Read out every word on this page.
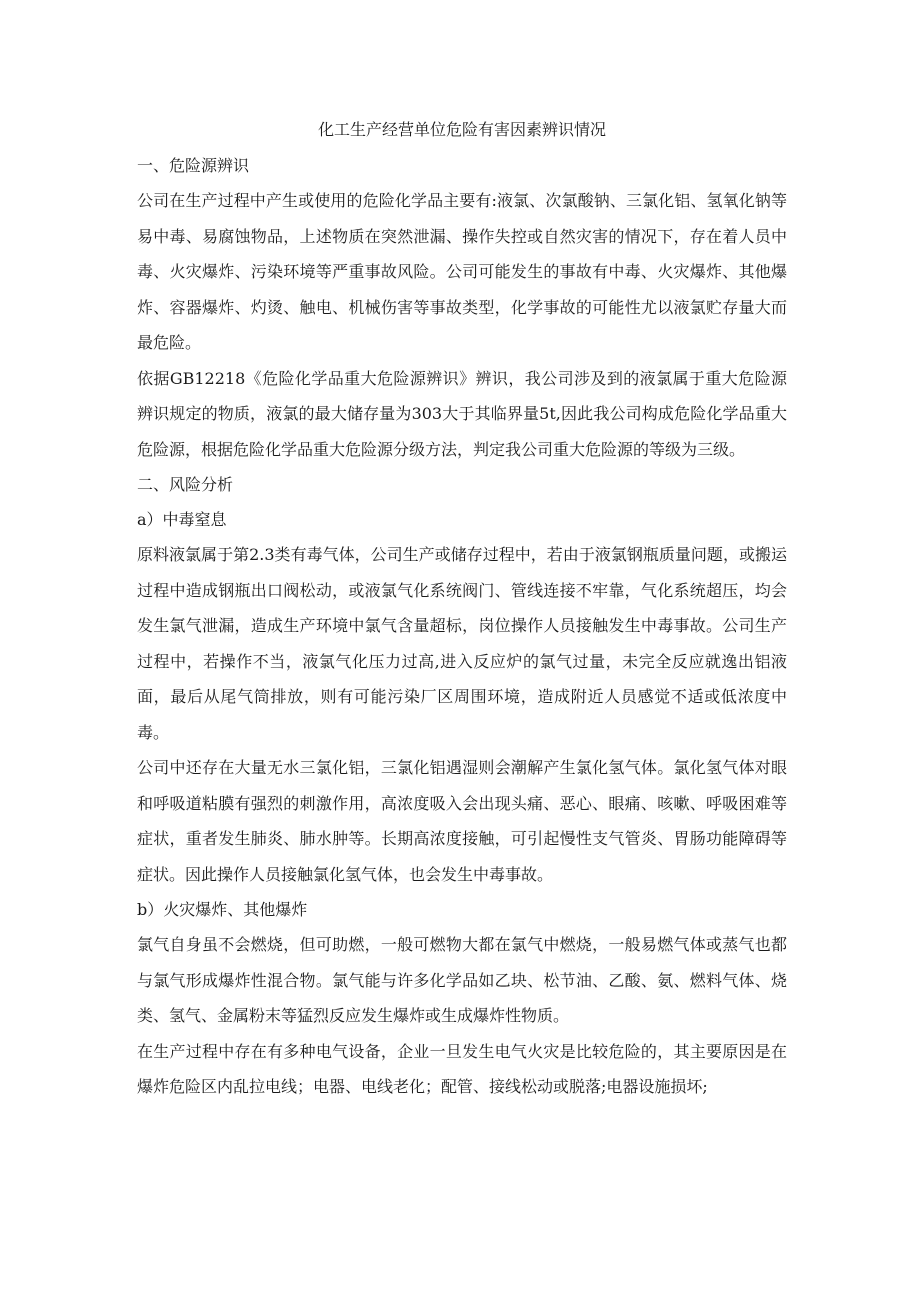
化工生产经营单位危险有害因素辨识情况

一、危险源辨识

公司在生产过程中产生或使用的危险化学品主要有:液氯、次氯酸钠、三氯化铝、氢氧化钠等易中毒、易腐蚀物品，上述物质在突然泄漏、操作失控或自然灾害的情况下，存在着人员中毒、火灾爆炸、污染环境等严重事故风险。公司可能发生的事故有中毒、火灾爆炸、其他爆炸、容器爆炸、灼烫、触电、机械伤害等事故类型，化学事故的可能性尤以液氯贮存量大而最危险。

依据GB12218《危险化学品重大危险源辨识》辨识，我公司涉及到的液氯属于重大危险源辨识规定的物质，液氯的最大储存量为303大于其临界量5t,因此我公司构成危险化学品重大危险源，根据危险化学品重大危险源分级方法，判定我公司重大危险源的等级为三级。

二、风险分析

a）中毒窒息

原料液氯属于第2.3类有毒气体，公司生产或储存过程中，若由于液氯钢瓶质量问题，或搬运过程中造成钢瓶出口阀松动，或液氯气化系统阀门、管线连接不牢靠，气化系统超压，均会发生氯气泄漏，造成生产环境中氯气含量超标，岗位操作人员接触发生中毒事故。公司生产过程中，若操作不当，液氯气化压力过高,进入反应炉的氯气过量，未完全反应就逸出铝液面，最后从尾气筒排放，则有可能污染厂区周围环境，造成附近人员感觉不适或低浓度中毒。

公司中还存在大量无水三氯化铝，三氯化铝遇湿则会潮解产生氯化氢气体。氯化氢气体对眼和呼吸道粘膜有强烈的刺激作用，高浓度吸入会出现头痛、恶心、眼痛、咳嗽、呼吸困难等症状，重者发生肺炎、肺水肿等。长期高浓度接触，可引起慢性支气管炎、胃肠功能障碍等症状。因此操作人员接触氯化氢气体，也会发生中毒事故。

b）火灾爆炸、其他爆炸

氯气自身虽不会燃烧，但可助燃，一般可燃物大都在氯气中燃烧，一般易燃气体或蒸气也都与氯气形成爆炸性混合物。氯气能与许多化学品如乙块、松节油、乙酸、氨、燃料气体、烧类、氢气、金属粉末等猛烈反应发生爆炸或生成爆炸性物质。

在生产过程中存在有多种电气设备，企业一旦发生电气火灾是比较危险的，其主要原因是在爆炸危险区内乱拉电线；电器、电线老化；配管、接线松动或脱落;电器设施损坏;
